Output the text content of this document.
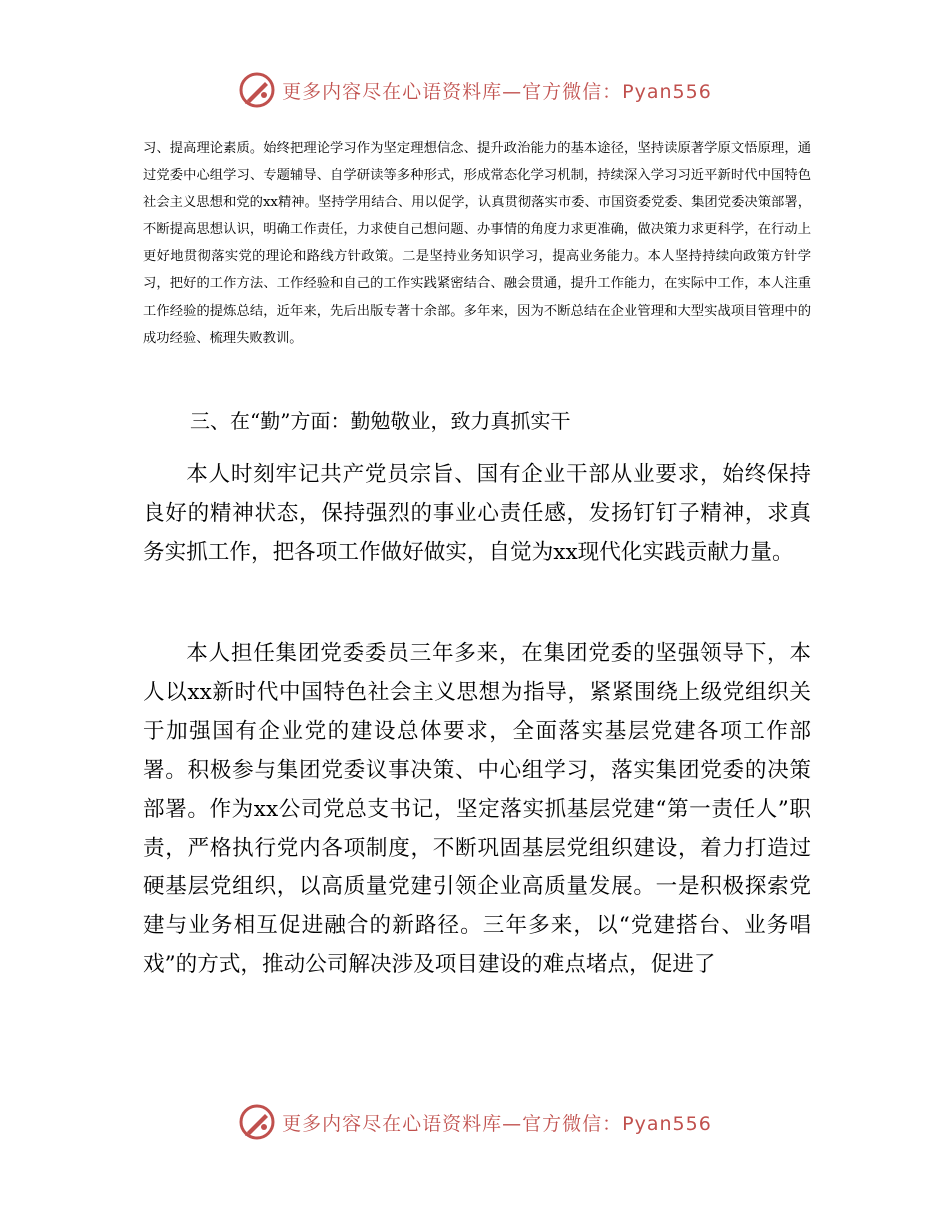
更多内容尽在心语资料库—官方微信：Pyan556

习、提高理论素质。始终把理论学习作为坚定理想信念、提升政治能力的基本途径，坚持读原著学原文悟原理，通过党委中心组学习、专题辅导、自学研读等多种形式，形成常态化学习机制，持续深入学习习近平新时代中国特色社会主义思想和党的xx精神。坚持学用结合、用以促学，认真贯彻落实市委、市国资委党委、集团党委决策部署，不断提高思想认识，明确工作责任，力求使自己想问题、办事情的角度力求更准确，做决策力求更科学，在行动上更好地贯彻落实党的理论和路线方针政策。二是坚持业务知识学习，提高业务能力。本人坚持持续向政策方针学习，把好的工作方法、工作经验和自己的工作实践紧密结合、融会贯通，提升工作能力，在实际中工作，本人注重工作经验的提炼总结，近年来，先后出版专著十余部。多年来，因为不断总结在企业管理和大型实战项目管理中的成功经验、梳理失败教训。

三、在“勤”方面：勤勉敬业，致力真抓实干

本人时刻牢记共产党员宗旨、国有企业干部从业要求，始终保持良好的精神状态，保持强烈的事业心责任感，发扬钉钉子精神，求真务实抓工作，把各项工作做好做实，自觉为xx现代化实践贡献力量。

本人担任集团党委委员三年多来，在集团党委的坚强领导下，本人以xx新时代中国特色社会主义思想为指导，紧紧围绕上级党组织关于加强国有企业党的建设总体要求，全面落实基层党建各项工作部署。积极参与集团党委议事决策、中心组学习，落实集团党委的决策部署。作为xx公司党总支书记，坚定落实抓基层党建“第一责任人”职责，严格执行党内各项制度，不断巩固基层党组织建设，着力打造过硬基层党组织，以高质量党建引领企业高质量发展。一是积极探索党建与业务相互促进融合的新路径。三年多来，以“党建搭台、业务唱戏”的方式，推动公司解决涉及项目建设的难点堵点，促进了

更多内容尽在心语资料库—官方微信：Pyan556
